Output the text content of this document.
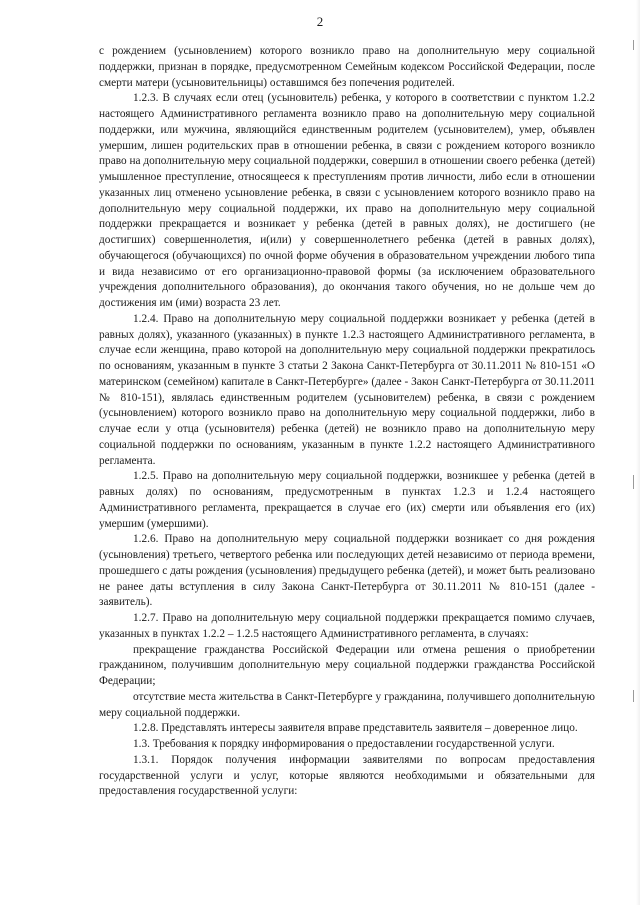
2

с рождением (усыновлением) которого возникло право на дополнительную меру социальной поддержки, признан в порядке, предусмотренном Семейным кодексом Российской Федерации, после смерти матери (усыновительницы) оставшимся без попечения родителей.

1.2.3. В случаях если отец (усыновитель) ребенка, у которого в соответствии с пунктом 1.2.2 настоящего Административного регламента возникло право на дополнительную меру социальной поддержки, или мужчина, являющийся единственным родителем (усыновителем), умер, объявлен умершим, лишен родительских прав в отношении ребенка, в связи с рождением которого возникло право на дополнительную меру социальной поддержки, совершил в отношении своего ребенка (детей) умышленное преступление, относящееся к преступлениям против личности, либо если в отношении указанных лиц отменено усыновление ребенка, в связи с усыновлением которого возникло право на дополнительную меру социальной поддержки, их право на дополнительную меру социальной поддержки прекращается и возникает у ребенка (детей в равных долях), не достигшего (не достигших) совершеннолетия, и(или) у совершеннолетнего ребенка (детей в равных долях), обучающегося (обучающихся) по очной форме обучения в образовательном учреждении любого типа и вида независимо от его организационно-правовой формы (за исключением образовательного учреждения дополнительного образования), до окончания такого обучения, но не дольше чем до достижения им (ими) возраста 23 лет.

1.2.4. Право на дополнительную меру социальной поддержки возникает у ребенка (детей в равных долях), указанного (указанных) в пункте 1.2.3 настоящего Административного регламента, в случае если женщина, право которой на дополнительную меру социальной поддержки прекратилось по основаниям, указанным в пункте 3 статьи 2 Закона Санкт-Петербурга от 30.11.2011 № 810-151 «О материнском (семейном) капитале в Санкт-Петербурге» (далее - Закон Санкт-Петербурга от 30.11.2011 № 810-151), являлась единственным родителем (усыновителем) ребенка, в связи с рождением (усыновлением) которого возникло право на дополнительную меру социальной поддержки, либо в случае если у отца (усыновителя) ребенка (детей) не возникло право на дополнительную меру социальной поддержки по основаниям, указанным в пункте 1.2.2 настоящего Административного регламента.

1.2.5. Право на дополнительную меру социальной поддержки, возникшее у ребенка (детей в равных долях) по основаниям, предусмотренным в пунктах 1.2.3 и 1.2.4 настоящего Административного регламента, прекращается в случае его (их) смерти или объявления его (их) умершим (умершими).

1.2.6. Право на дополнительную меру социальной поддержки возникает со дня рождения (усыновления) третьего, четвертого ребенка или последующих детей независимо от периода времени, прошедшего с даты рождения (усыновления) предыдущего ребенка (детей), и может быть реализовано не ранее даты вступления в силу Закона Санкт-Петербурга от 30.11.2011 № 810-151 (далее - заявитель).

1.2.7. Право на дополнительную меру социальной поддержки прекращается помимо случаев, указанных в пунктах 1.2.2 – 1.2.5 настоящего Административного регламента, в случаях:

прекращение гражданства Российской Федерации или отмена решения о приобретении гражданином, получившим дополнительную меру социальной поддержки гражданства Российской Федерации;

отсутствие места жительства в Санкт-Петербурге у гражданина, получившего дополнительную меру социальной поддержки.

1.2.8. Представлять интересы заявителя вправе представитель заявителя – доверенное лицо.

1.3. Требования к порядку информирования о предоставлении государственной услуги.

1.3.1. Порядок получения информации заявителями по вопросам предоставления государственной услуги и услуг, которые являются необходимыми и обязательными для предоставления государственной услуги:
